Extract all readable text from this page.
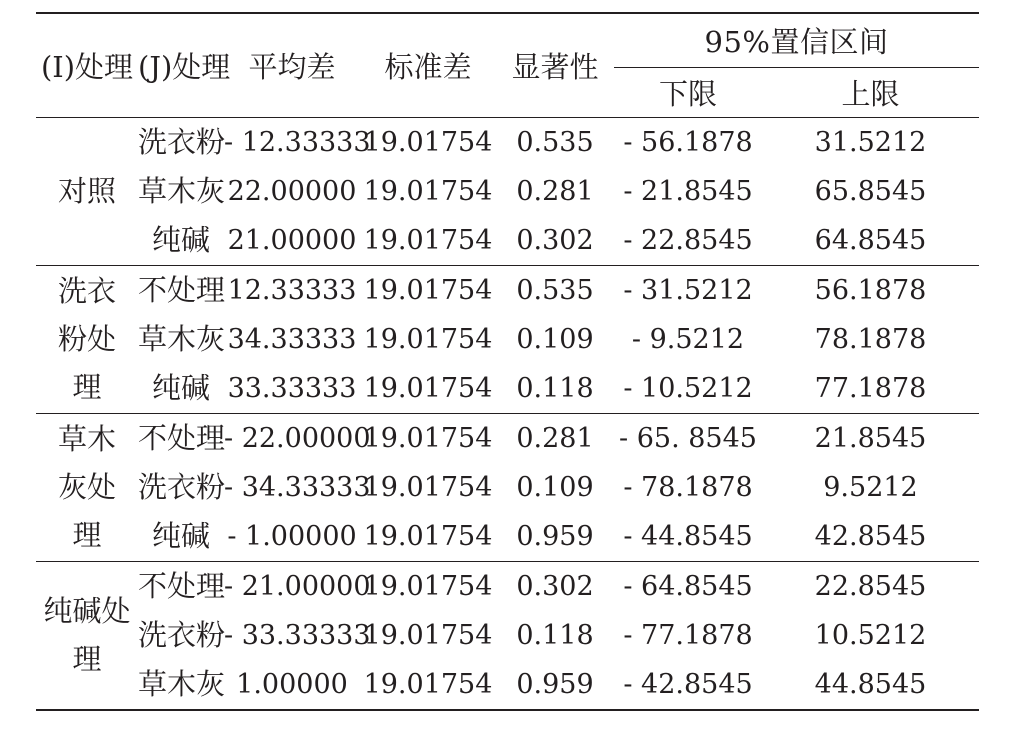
(I)处理	(J)处理	平均差	标准差	显著性	95%置信区间	
					下限	上限
对照	洗衣粉	- 12.33333	19.01754	0.535	- 56.1878	31.5212
	草木灰	22.00000	19.01754	0.281	- 21.8545	65.8545
	纯碱	21.00000	19.01754	0.302	- 22.8545	64.8545
洗衣粉处理	不处理	12.33333	19.01754	0.535	- 31.5212	56.1878
	草木灰	34.33333	19.01754	0.109	- 9.5212	78.1878
	纯碱	33.33333	19.01754	0.118	- 10.5212	77.1878
草木灰处理	不处理	- 22.00000	19.01754	0.281	- 65. 8545	21.8545
	洗衣粉	- 34.33333	19.01754	0.109	- 78.1878	9.5212
	纯碱	- 1.00000	19.01754	0.959	- 44.8545	42.8545
纯碱处理	不处理	- 21.00000	19.01754	0.302	- 64.8545	22.8545
	洗衣粉	- 33.33333	19.01754	0.118	- 77.1878	10.5212
	草木灰	1.00000	19.01754	0.959	- 42.8545	44.8545
